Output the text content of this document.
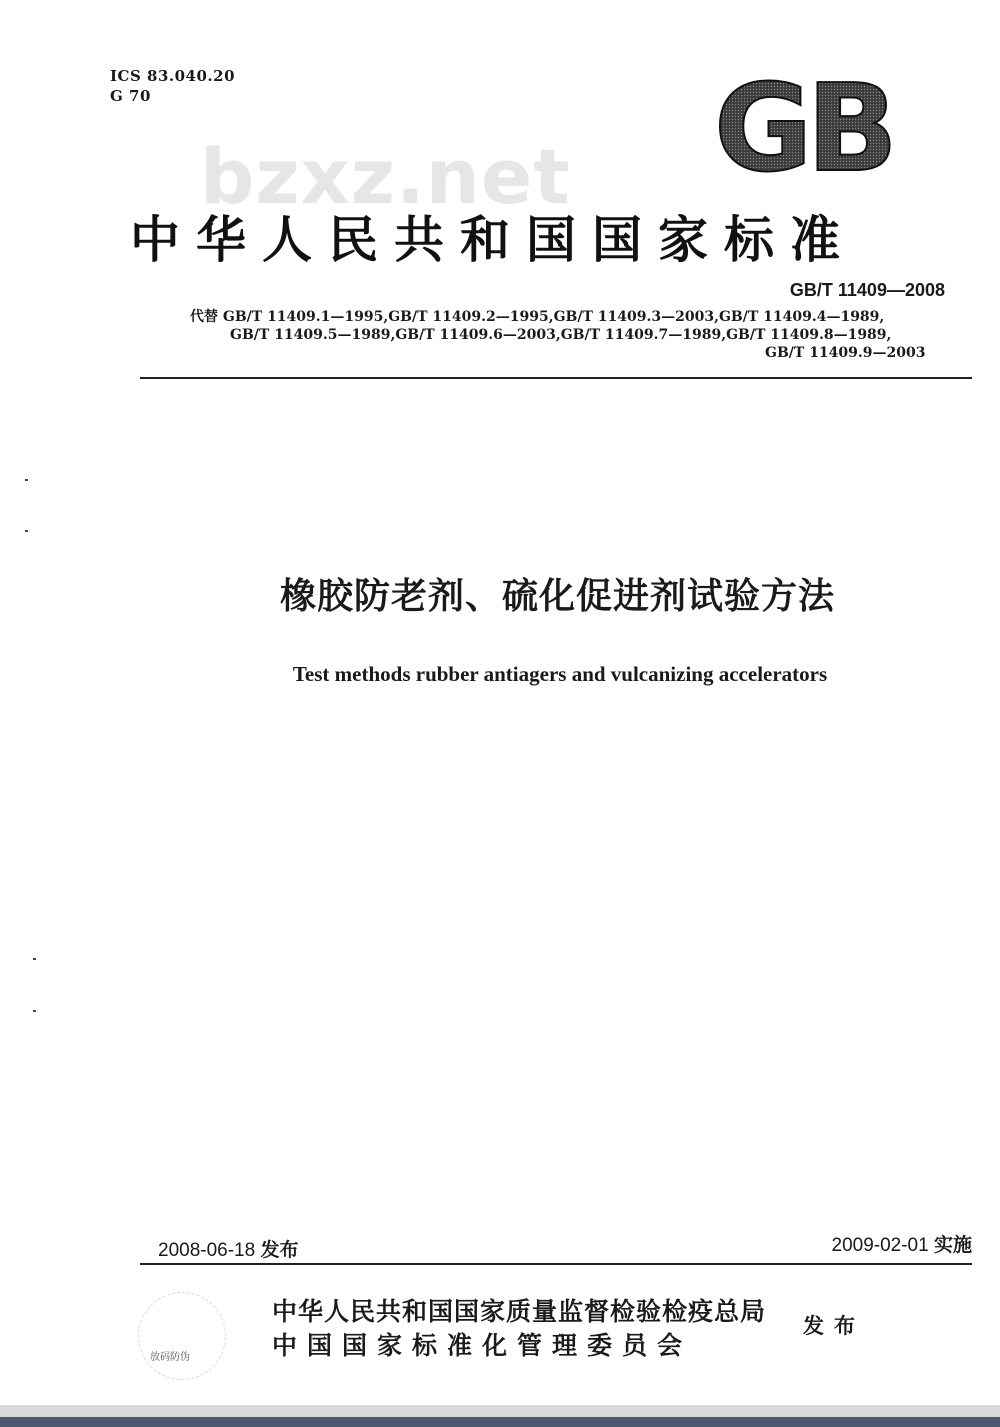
ICS 83.040.20
G 70	GB
bzxz.net
中华人民共和国国家标准
GB/T 11409—2008
代替 GB/T 11409.1—1995,GB/T 11409.2—1995,GB/T 11409.3—2003,GB/T 11409.4—1989,
GB/T 11409.5—1989,GB/T 11409.6—2003,GB/T 11409.7—1989,GB/T 11409.8—1989,
GB/T 11409.9—2003
橡胶防老剂、硫化促进剂试验方法
Test methods rubber antiagers and vulcanizing accelerators
2008-06-18 发布	2009-02-01 实施
放码防伪
中华人民共和国国家质量监督检验检疫总局
中国国家标准化管理委员会
发布
